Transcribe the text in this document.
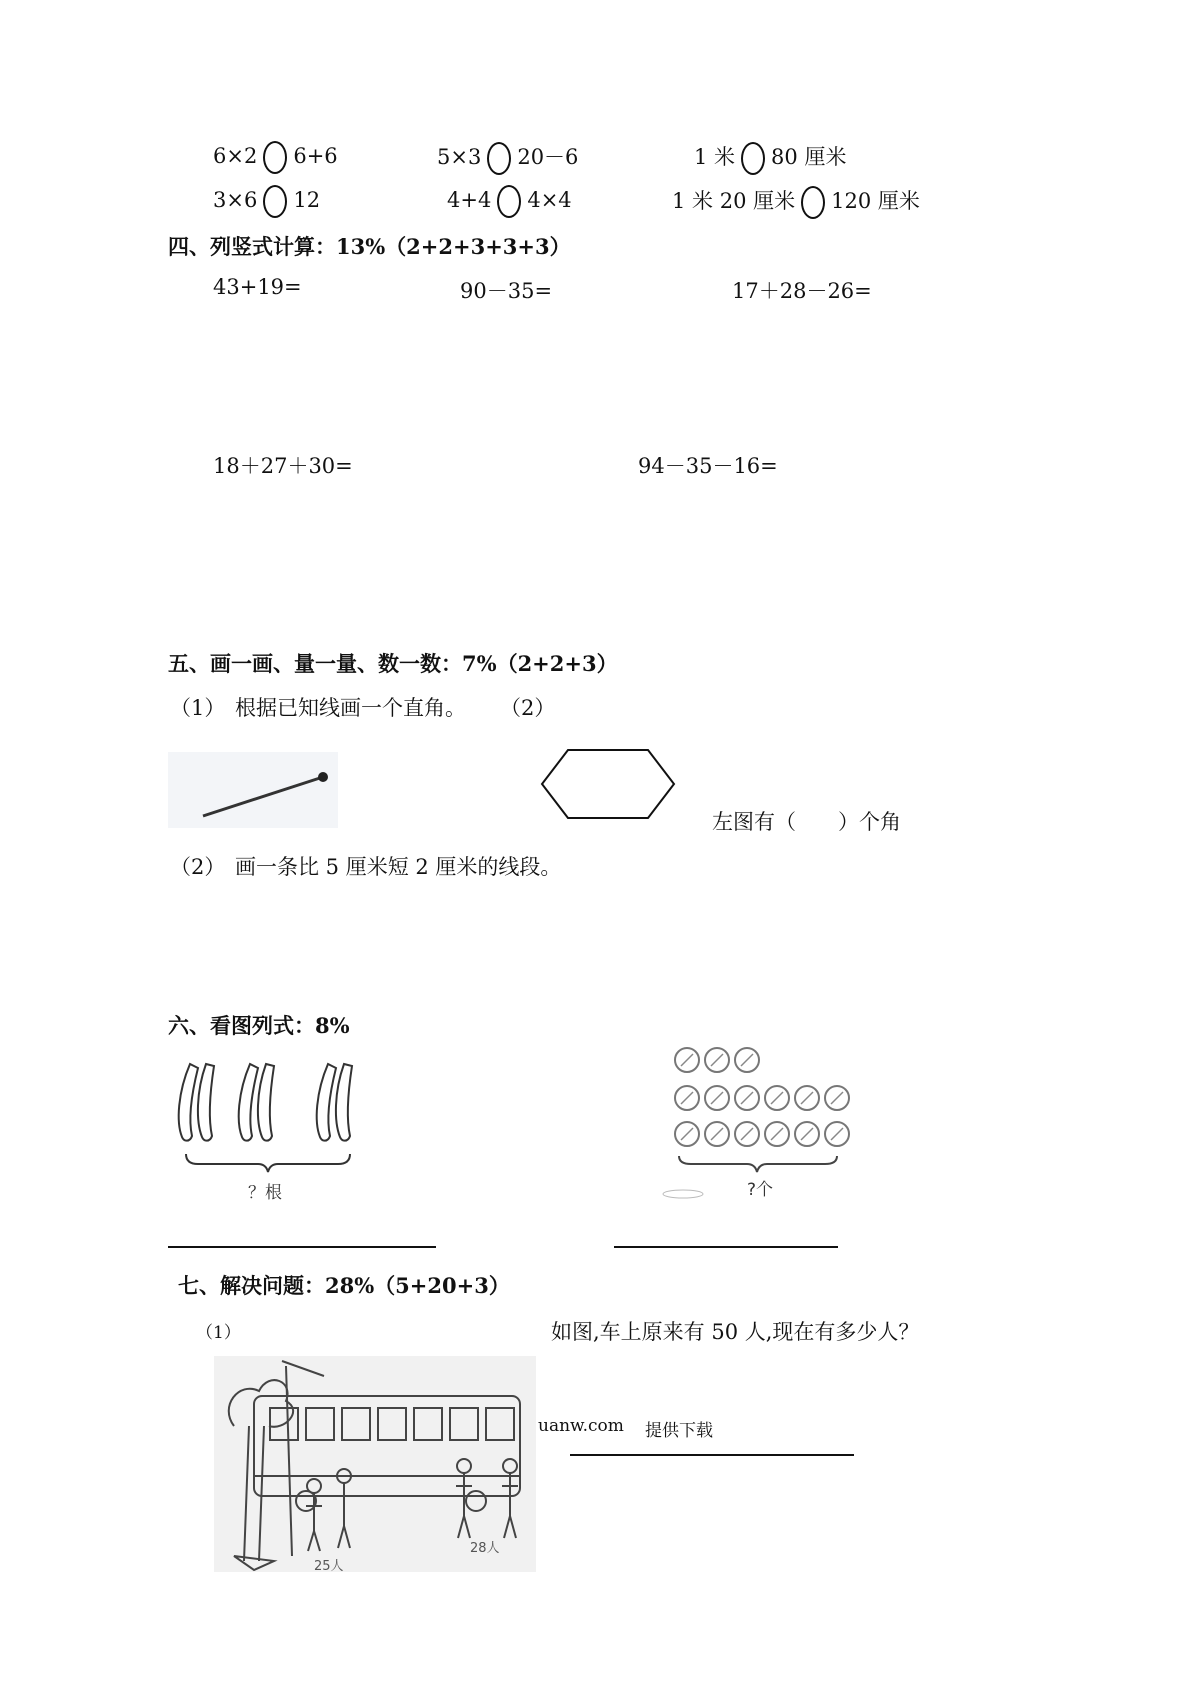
6×2 6+6	5×3 20－6	1 米 80 厘米
3×6 12	4+4 4×4	1 米 20 厘米 120 厘米
四、列竖式计算：13%（2+2+3+3+3）
43+19=	90－35=	17＋28－26=
18＋27＋30=	94－35－16=
五、画一画、量一量、数一数：7%（2+2+3）
（1） 根据已知线画一个直角。 （2）
左图有（　　）个角
（2） 画一条比 5 厘米短 2 厘米的线段。
六、看图列式：8%
？根	?个
七、解决问题：28%（5+20+3）
（1）	如图,车上原来有 50 人,现在有多少人？
25人
28人
uanw.com 提供下载
